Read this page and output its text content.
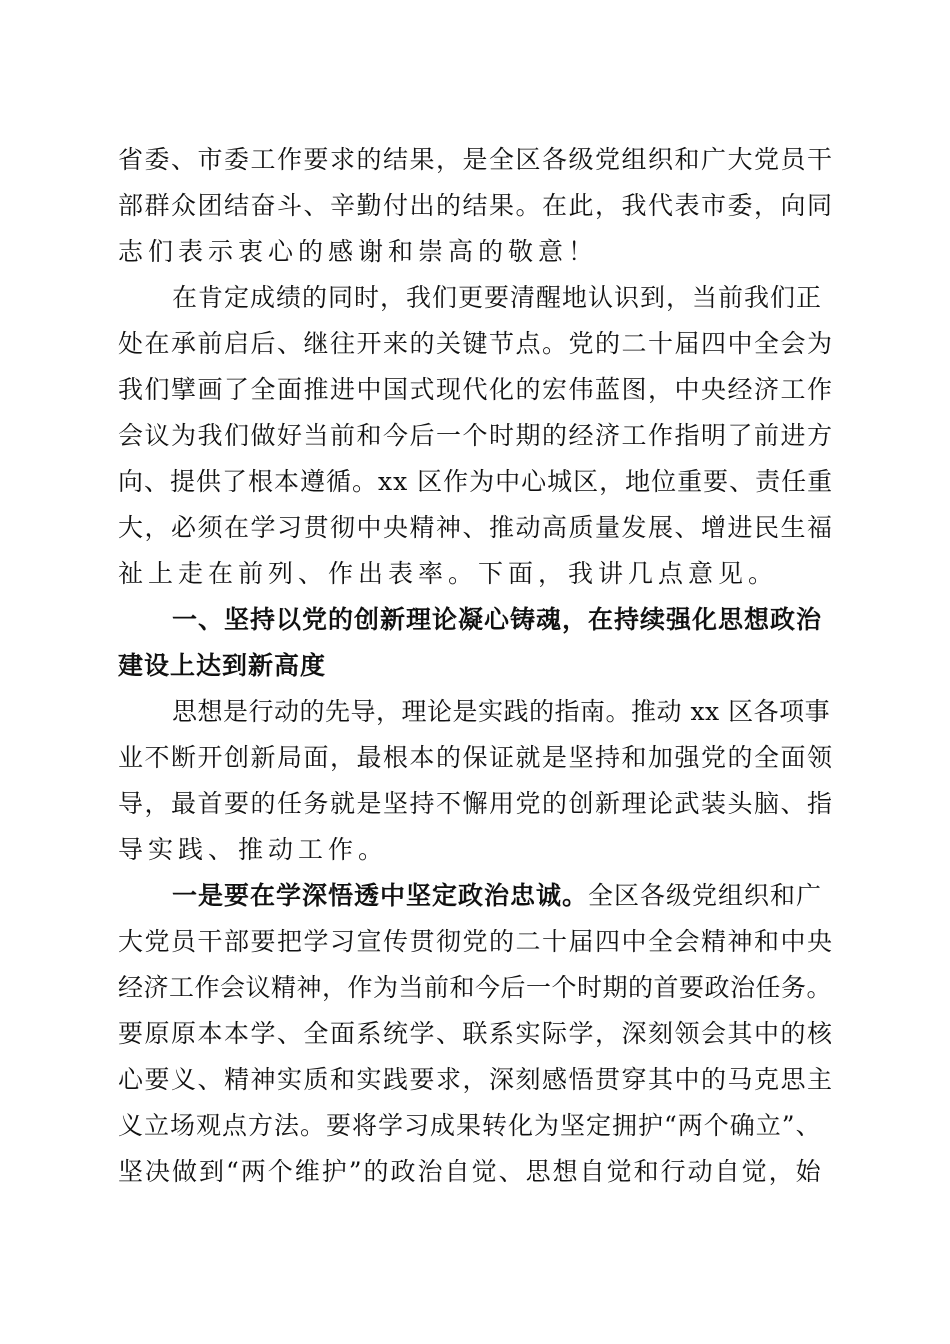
省委、市委工作要求的结果，是全区各级党组织和广大党员干
部群众团结奋斗、辛勤付出的结果。在此，我代表市委，向同
志们表示衷心的感谢和崇高的敬意！
在肯定成绩的同时，我们更要清醒地认识到，当前我们正
处在承前启后、继往开来的关键节点。党的二十届四中全会为
我们擘画了全面推进中国式现代化的宏伟蓝图，中央经济工作
会议为我们做好当前和今后一个时期的经济工作指明了前进方
向、提供了根本遵循。xx 区作为中心城区，地位重要、责任重
大，必须在学习贯彻中央精神、推动高质量发展、增进民生福
祉上走在前列、作出表率。下面，我讲几点意见。
一、坚持以党的创新理论凝心铸魂，在持续强化思想政治
建设上达到新高度
思想是行动的先导，理论是实践的指南。推动 xx 区各项事
业不断开创新局面，最根本的保证就是坚持和加强党的全面领
导，最首要的任务就是坚持不懈用党的创新理论武装头脑、指
导实践、推动工作。
一是要在学深悟透中坚定政治忠诚。全区各级党组织和广
大党员干部要把学习宣传贯彻党的二十届四中全会精神和中央
经济工作会议精神，作为当前和今后一个时期的首要政治任务。
要原原本本学、全面系统学、联系实际学，深刻领会其中的核
心要义、精神实质和实践要求，深刻感悟贯穿其中的马克思主
义立场观点方法。要将学习成果转化为坚定拥护“两个确立”、
坚决做到“两个维护”的政治自觉、思想自觉和行动自觉，始
